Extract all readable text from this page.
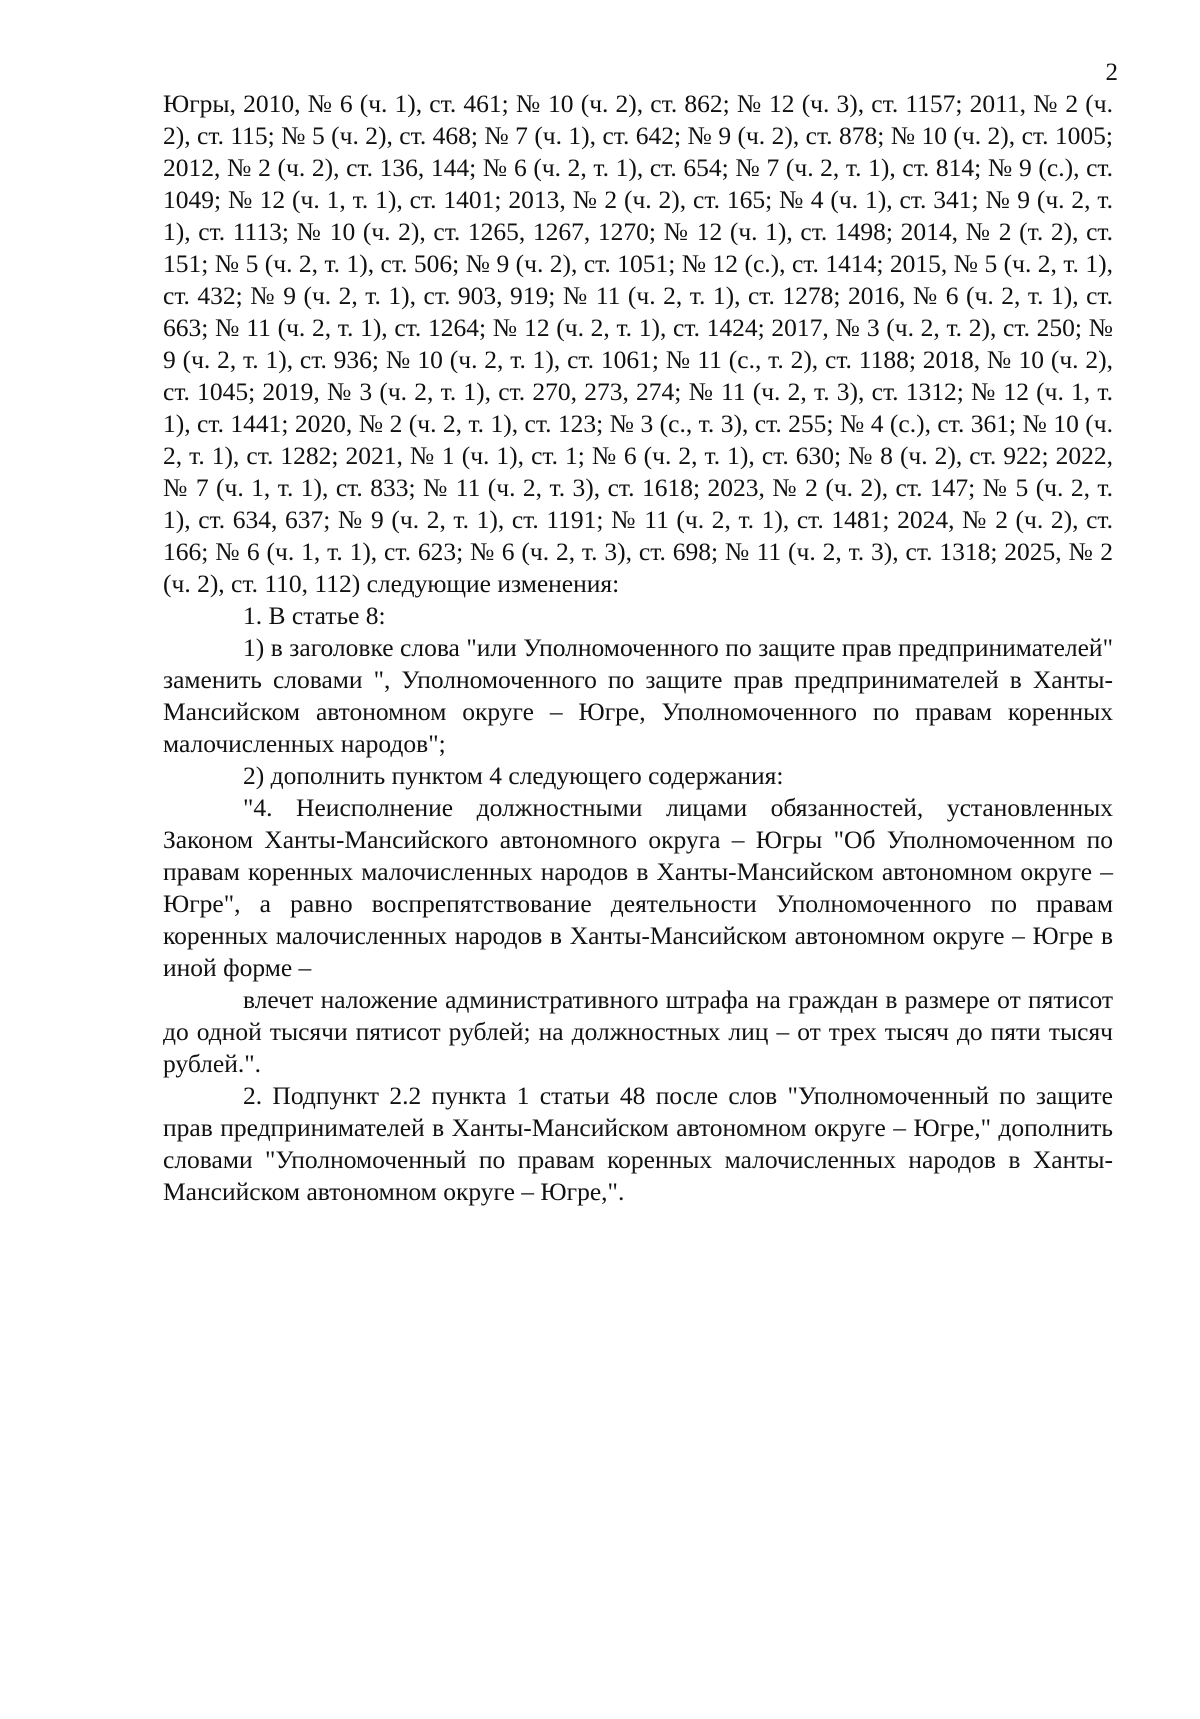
2

Югры, 2010, № 6 (ч. 1), ст. 461; № 10 (ч. 2), ст. 862; № 12 (ч. 3), ст. 1157; 2011, № 2 (ч. 2), ст. 115; № 5 (ч. 2), ст. 468; № 7 (ч. 1), ст. 642; № 9 (ч. 2), ст. 878; № 10 (ч. 2), ст. 1005; 2012, № 2 (ч. 2), ст. 136, 144; № 6 (ч. 2, т. 1), ст. 654; № 7 (ч. 2, т. 1), ст. 814; № 9 (с.), ст. 1049; № 12 (ч. 1, т. 1), ст. 1401; 2013, № 2 (ч. 2), ст. 165; № 4 (ч. 1), ст. 341; № 9 (ч. 2, т. 1), ст. 1113; № 10 (ч. 2), ст. 1265, 1267, 1270; № 12 (ч. 1), ст. 1498; 2014, № 2 (т. 2), ст. 151; № 5 (ч. 2, т. 1), ст. 506; № 9 (ч. 2), ст. 1051; № 12 (с.), ст. 1414; 2015, № 5 (ч. 2, т. 1), ст. 432; № 9 (ч. 2, т. 1), ст. 903, 919; № 11 (ч. 2, т. 1), ст. 1278; 2016, № 6 (ч. 2, т. 1), ст. 663; № 11 (ч. 2, т. 1), ст. 1264; № 12 (ч. 2, т. 1), ст. 1424; 2017, № 3 (ч. 2, т. 2), ст. 250; № 9 (ч. 2, т. 1), ст. 936; № 10 (ч. 2, т. 1), ст. 1061; № 11 (с., т. 2), ст. 1188; 2018, № 10 (ч. 2), ст. 1045; 2019, № 3 (ч. 2, т. 1), ст. 270, 273, 274; № 11 (ч. 2, т. 3), ст. 1312; № 12 (ч. 1, т. 1), ст. 1441; 2020, № 2 (ч. 2, т. 1), ст. 123; № 3 (с., т. 3), ст. 255; № 4 (с.), ст. 361; № 10 (ч. 2, т. 1), ст. 1282; 2021, № 1 (ч. 1), ст. 1; № 6 (ч. 2, т. 1), ст. 630; № 8 (ч. 2), ст. 922; 2022, № 7 (ч. 1, т. 1), ст. 833; № 11 (ч. 2, т. 3), ст. 1618; 2023, № 2 (ч. 2), ст. 147; № 5 (ч. 2, т. 1), ст. 634, 637; № 9 (ч. 2, т. 1), ст. 1191; № 11 (ч. 2, т. 1), ст. 1481; 2024, № 2 (ч. 2), ст. 166; № 6 (ч. 1, т. 1), ст. 623; № 6 (ч. 2, т. 3), ст. 698; № 11 (ч. 2, т. 3), ст. 1318; 2025, № 2 (ч. 2), ст. 110, 112) следующие изменения:

1. В статье 8:

1) в заголовке слова "или Уполномоченного по защите прав предпринимателей" заменить словами ", Уполномоченного по защите прав предпринимателей в Ханты-Мансийском автономном округе – Югре, Уполномоченного по правам коренных малочисленных народов";

2) дополнить пунктом 4 следующего содержания:

"4. Неисполнение должностными лицами обязанностей, установленных Законом Ханты-Мансийского автономного округа – Югры "Об Уполномоченном по правам коренных малочисленных народов в Ханты-Мансийском автономном округе – Югре", а равно воспрепятствование деятельности Уполномоченного по правам коренных малочисленных народов в Ханты-Мансийском автономном округе – Югре в иной форме –

влечет наложение административного штрафа на граждан в размере от пятисот до одной тысячи пятисот рублей; на должностных лиц – от трех тысяч до пяти тысяч рублей.".

2. Подпункт 2.2 пункта 1 статьи 48 после слов "Уполномоченный по защите прав предпринимателей в Ханты-Мансийском автономном округе – Югре," дополнить словами "Уполномоченный по правам коренных малочисленных народов в Ханты-Мансийском автономном округе – Югре,".
